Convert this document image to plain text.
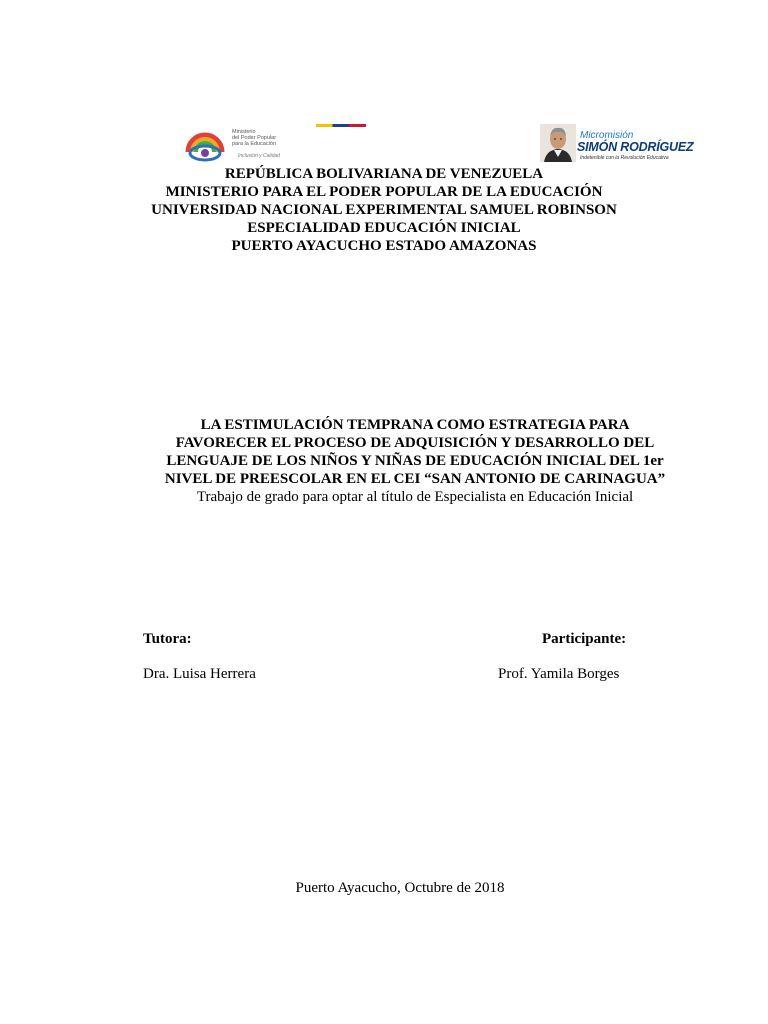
Ministerio
del Poder Popular
para la Educación
Inclusión y Calidad
Micromisión
SIMÓN RODRÍGUEZ
Indetenible con la Revolución Educativa
REPÚBLICA BOLIVARIANA DE VENEZUELA
MINISTERIO PARA EL PODER POPULAR DE LA EDUCACIÓN
UNIVERSIDAD NACIONAL EXPERIMENTAL SAMUEL ROBINSON
ESPECIALIDAD EDUCACIÓN INICIAL
PUERTO AYACUCHO ESTADO AMAZONAS
LA ESTIMULACIÓN TEMPRANA COMO ESTRATEGIA PARA
FAVORECER EL PROCESO DE ADQUISICIÓN Y DESARROLLO DEL
LENGUAJE DE LOS NIÑOS Y NIÑAS DE EDUCACIÓN INICIAL DEL 1er
NIVEL DE PREESCOLAR EN EL CEI “SAN ANTONIO DE CARINAGUA”
Trabajo de grado para optar al título de Especialista en Educación Inicial
Tutora:	Participante:
Dra. Luisa Herrera	Prof. Yamila Borges
Puerto Ayacucho, Octubre de 2018
